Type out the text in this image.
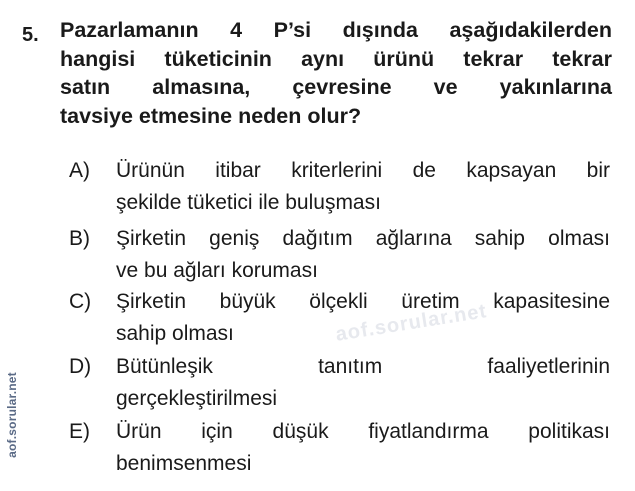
5. Pazarlamanın 4 P’si dışında aşağıdakilerden
hangisi tüketicinin aynı ürünü tekrar tekrar
satın almasına, çevresine ve yakınlarına
tavsiye etmesine neden olur?
aof.sorular.net
A) Ürünün itibar kriterlerini de kapsayan bir
şekilde tüketici ile buluşması
B) Şirketin geniş dağıtım ağlarına sahip olması
ve bu ağları koruması
C) Şirketin büyük ölçekli üretim kapasitesine
sahip olması
D) Bütünleşik tanıtım faaliyetlerinin
gerçekleştirilmesi
E) Ürün için düşük fiyatlandırma politikası
benimsenmesi
aof.sorular.net
